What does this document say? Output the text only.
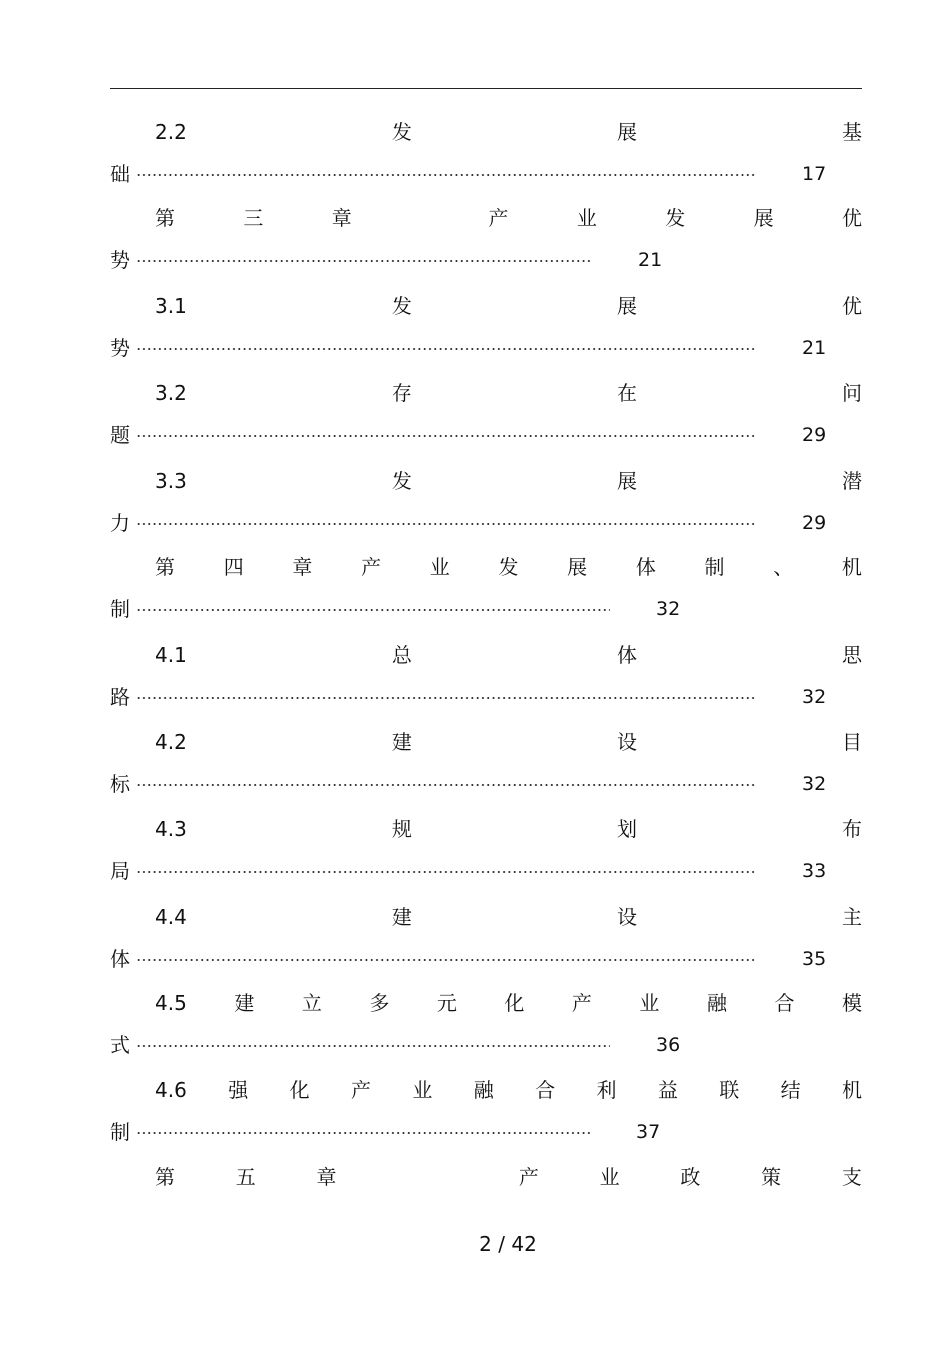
2.2	发	展	基
础	17
第	三	章	产	业	发	展	优
势	21
3.1	发	展	优
势	21
3.2	存	在	问
题	29
3.3	发	展	潜
力	29
第 四 章 产 业 发 展 体 制 、 机
制	32
4.1	总	体	思
路	32
4.2	建	设	目
标	32
4.3	规	划	布
局	33
4.4	建	设	主
体	35
4.5 建 立 多 元 化 产 业 融 合 模
式	36
4.6 强 化 产 业 融 合 利 益 联 结 机
制	37
第	五	章	产	业	政	策	支
2 / 42
